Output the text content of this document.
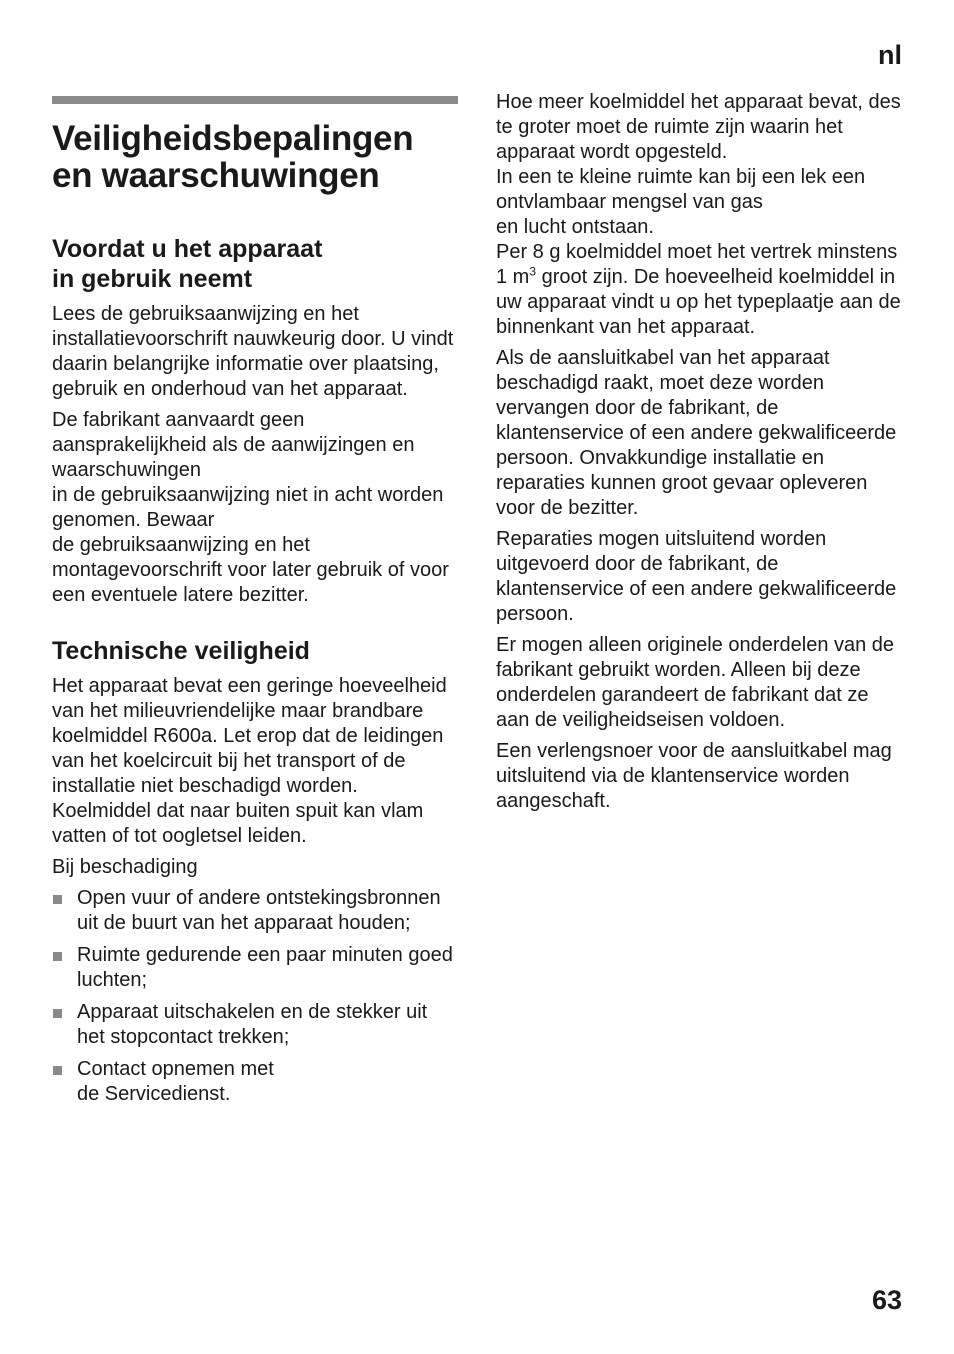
nl
Veiligheidsbepalingen en waarschuwingen
Voordat u het apparaat
in gebruik neemt

Lees de gebruiksaanwijzing en het installatievoorschrift nauwkeurig door. U vindt daarin belangrijke informatie over plaatsing, gebruik en onderhoud van het apparaat.

De fabrikant aanvaardt geen aansprakelijkheid als de aanwijzingen en waarschuwingen
in de gebruiksaanwijzing niet in acht worden genomen. Bewaar
de gebruiksaanwijzing en het montagevoorschrift voor later gebruik of voor een eventuele latere bezitter.

Technische veiligheid

Het apparaat bevat een geringe hoeveelheid van het milieuvriendelijke maar brandbare koelmiddel R600a. Let erop dat de leidingen van het koelcircuit bij het transport of de installatie niet beschadigd worden. Koelmiddel dat naar buiten spuit kan vlam vatten of tot oogletsel leiden.

Bij beschadiging

Open vuur of andere ontstekingsbronnen uit de buurt van het apparaat houden;
Ruimte gedurende een paar minuten goed luchten;
Apparaat uitschakelen en de stekker uit het stopcontact trekken;
Contact opnemen met
de Servicedienst.

Hoe meer koelmiddel het apparaat bevat, des te groter moet de ruimte zijn waarin het apparaat wordt opgesteld.
In een te kleine ruimte kan bij een lek een ontvlambaar mengsel van gas
en lucht ontstaan.
Per 8 g koelmiddel moet het vertrek minstens 1 $m^3$ groot zijn. De hoeveelheid koelmiddel in uw apparaat vindt u op het typeplaatje aan de binnenkant van het apparaat.

Als de aansluitkabel van het apparaat beschadigd raakt, moet deze worden vervangen door de fabrikant, de klantenservice of een andere gekwalificeerde persoon. Onvakkundige installatie en reparaties kunnen groot gevaar opleveren voor de bezitter.

Reparaties mogen uitsluitend worden uitgevoerd door de fabrikant, de klantenservice of een andere gekwalificeerde persoon.

Er mogen alleen originele onderdelen van de fabrikant gebruikt worden. Alleen bij deze onderdelen garandeert de fabrikant dat ze aan de veiligheidseisen voldoen.

Een verlengsnoer voor de aansluitkabel mag uitsluitend via de klantenservice worden aangeschaft.

63
